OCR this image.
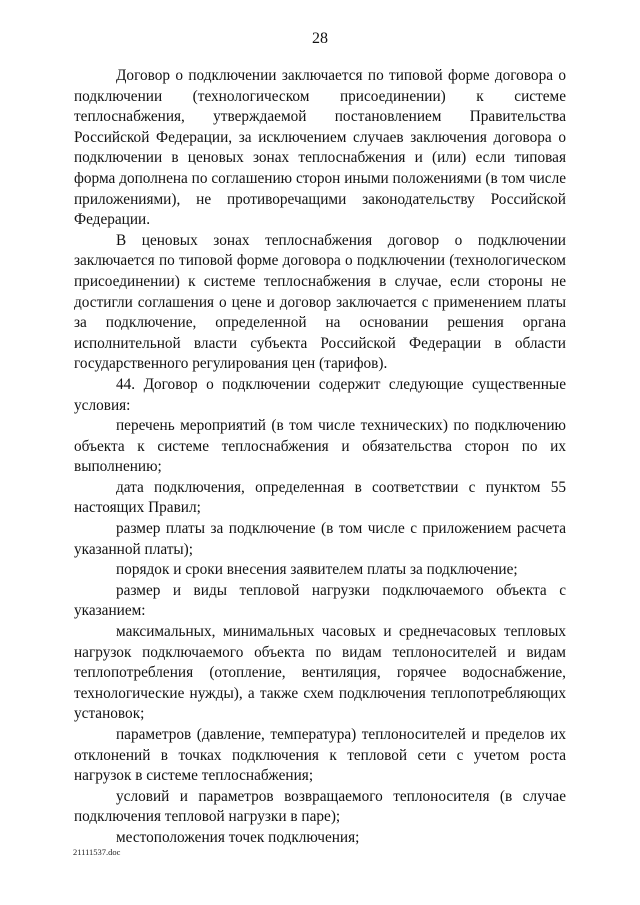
28

Договор о подключении заключается по типовой форме договора о подключении (технологическом присоединении) к системе теплоснабжения, утверждаемой постановлением Правительства Российской Федерации, за исключением случаев заключения договора о подключении в ценовых зонах теплоснабжения и (или) если типовая форма дополнена по соглашению сторон иными положениями (в том числе приложениями), не противоречащими законодательству Российской Федерации.

В ценовых зонах теплоснабжения договор о подключении заключается по типовой форме договора о подключении (технологическом присоединении) к системе теплоснабжения в случае, если стороны не достигли соглашения о цене и договор заключается с применением платы за подключение, определенной на основании решения органа исполнительной власти субъекта Российской Федерации в области государственного регулирования цен (тарифов).

44. Договор о подключении содержит следующие существенные условия:

перечень мероприятий (в том числе технических) по подключению объекта к системе теплоснабжения и обязательства сторон по их выполнению;

дата подключения, определенная в соответствии с пунктом 55 настоящих Правил;

размер платы за подключение (в том числе с приложением расчета указанной платы);

порядок и сроки внесения заявителем платы за подключение;

размер и виды тепловой нагрузки подключаемого объекта с указанием:

максимальных, минимальных часовых и среднечасовых тепловых нагрузок подключаемого объекта по видам теплоносителей и видам теплопотребления (отопление, вентиляция, горячее водоснабжение, технологические нужды), а также схем подключения теплопотребляющих установок;

параметров (давление, температура) теплоносителей и пределов их отклонений в точках подключения к тепловой сети с учетом роста нагрузок в системе теплоснабжения;

условий и параметров возвращаемого теплоносителя (в случае подключения тепловой нагрузки в паре);

местоположения точек подключения;

21111537.doc
